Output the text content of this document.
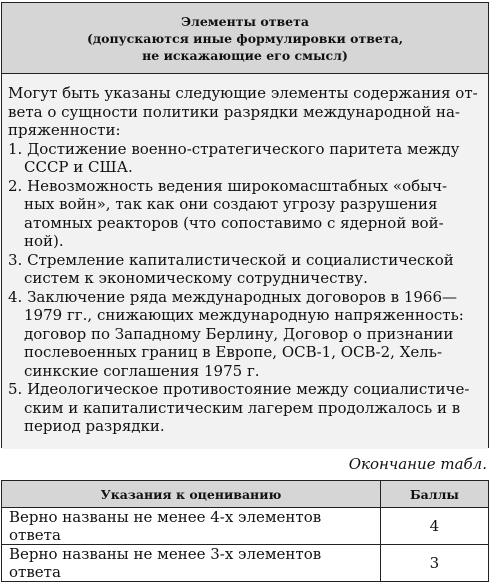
Элементы ответа
(допускаются иные формулировки ответа,
не искажающие его смысл)
Могут быть указаны следующие элементы содержания от-
вета о сущности политики разрядки международной на-
пряженности:
1. Достижение военно-стратегического паритета между
СССР и США.
2. Невозможность ведения широкомасштабных «обыч-
ных войн», так как они создают угрозу разрушения
атомных реакторов (что сопоставимо с ядерной вой-
ной).
3. Стремление капиталистической и социалистической
систем к экономическому сотрудничеству.
4. Заключение ряда международных договоров в 1966—
1979 гг., снижающих международную напряженность:
договор по Западному Берлину, Договор о признании
послевоенных границ в Европе, ОСВ-1, ОСВ-2, Хель-
синкские соглашения 1975 г.
5. Идеологическое противостояние между социалистиче-
ским и капиталистическим лагерем продолжалось и в
период разрядки.
Окончание табл.
Указания к оцениванию	Баллы
Верно названы не менее 4-х элементов ответа	4
Верно названы не менее 3-х элементов ответа	3
